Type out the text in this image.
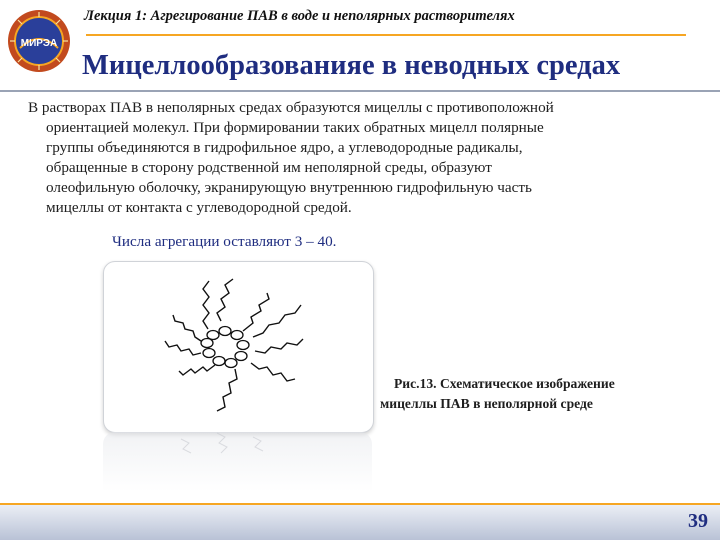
МИРЭА
Лекция 1: Агрегирование ПАВ в воде и неполярных растворителях
Мицеллообразованияе в неводных средах

В растворах ПАВ в неполярных средах образуются мицеллы с противоположной
ориентацией молекул. При формировании таких обратных мицелл полярные
группы объединяются в гидрофильное ядро, а углеводородные радикалы,
обращенные в сторону родственной им неполярной среды, образуют
олеофильную оболочку, экранирующую внутреннюю гидрофильную часть
мицеллы от контакта с углеводородной средой.

Числа агрегации оставляют 3 – 40.

Рис.13. Схематическое изображение
мицеллы ПАВ в неполярной среде

39
